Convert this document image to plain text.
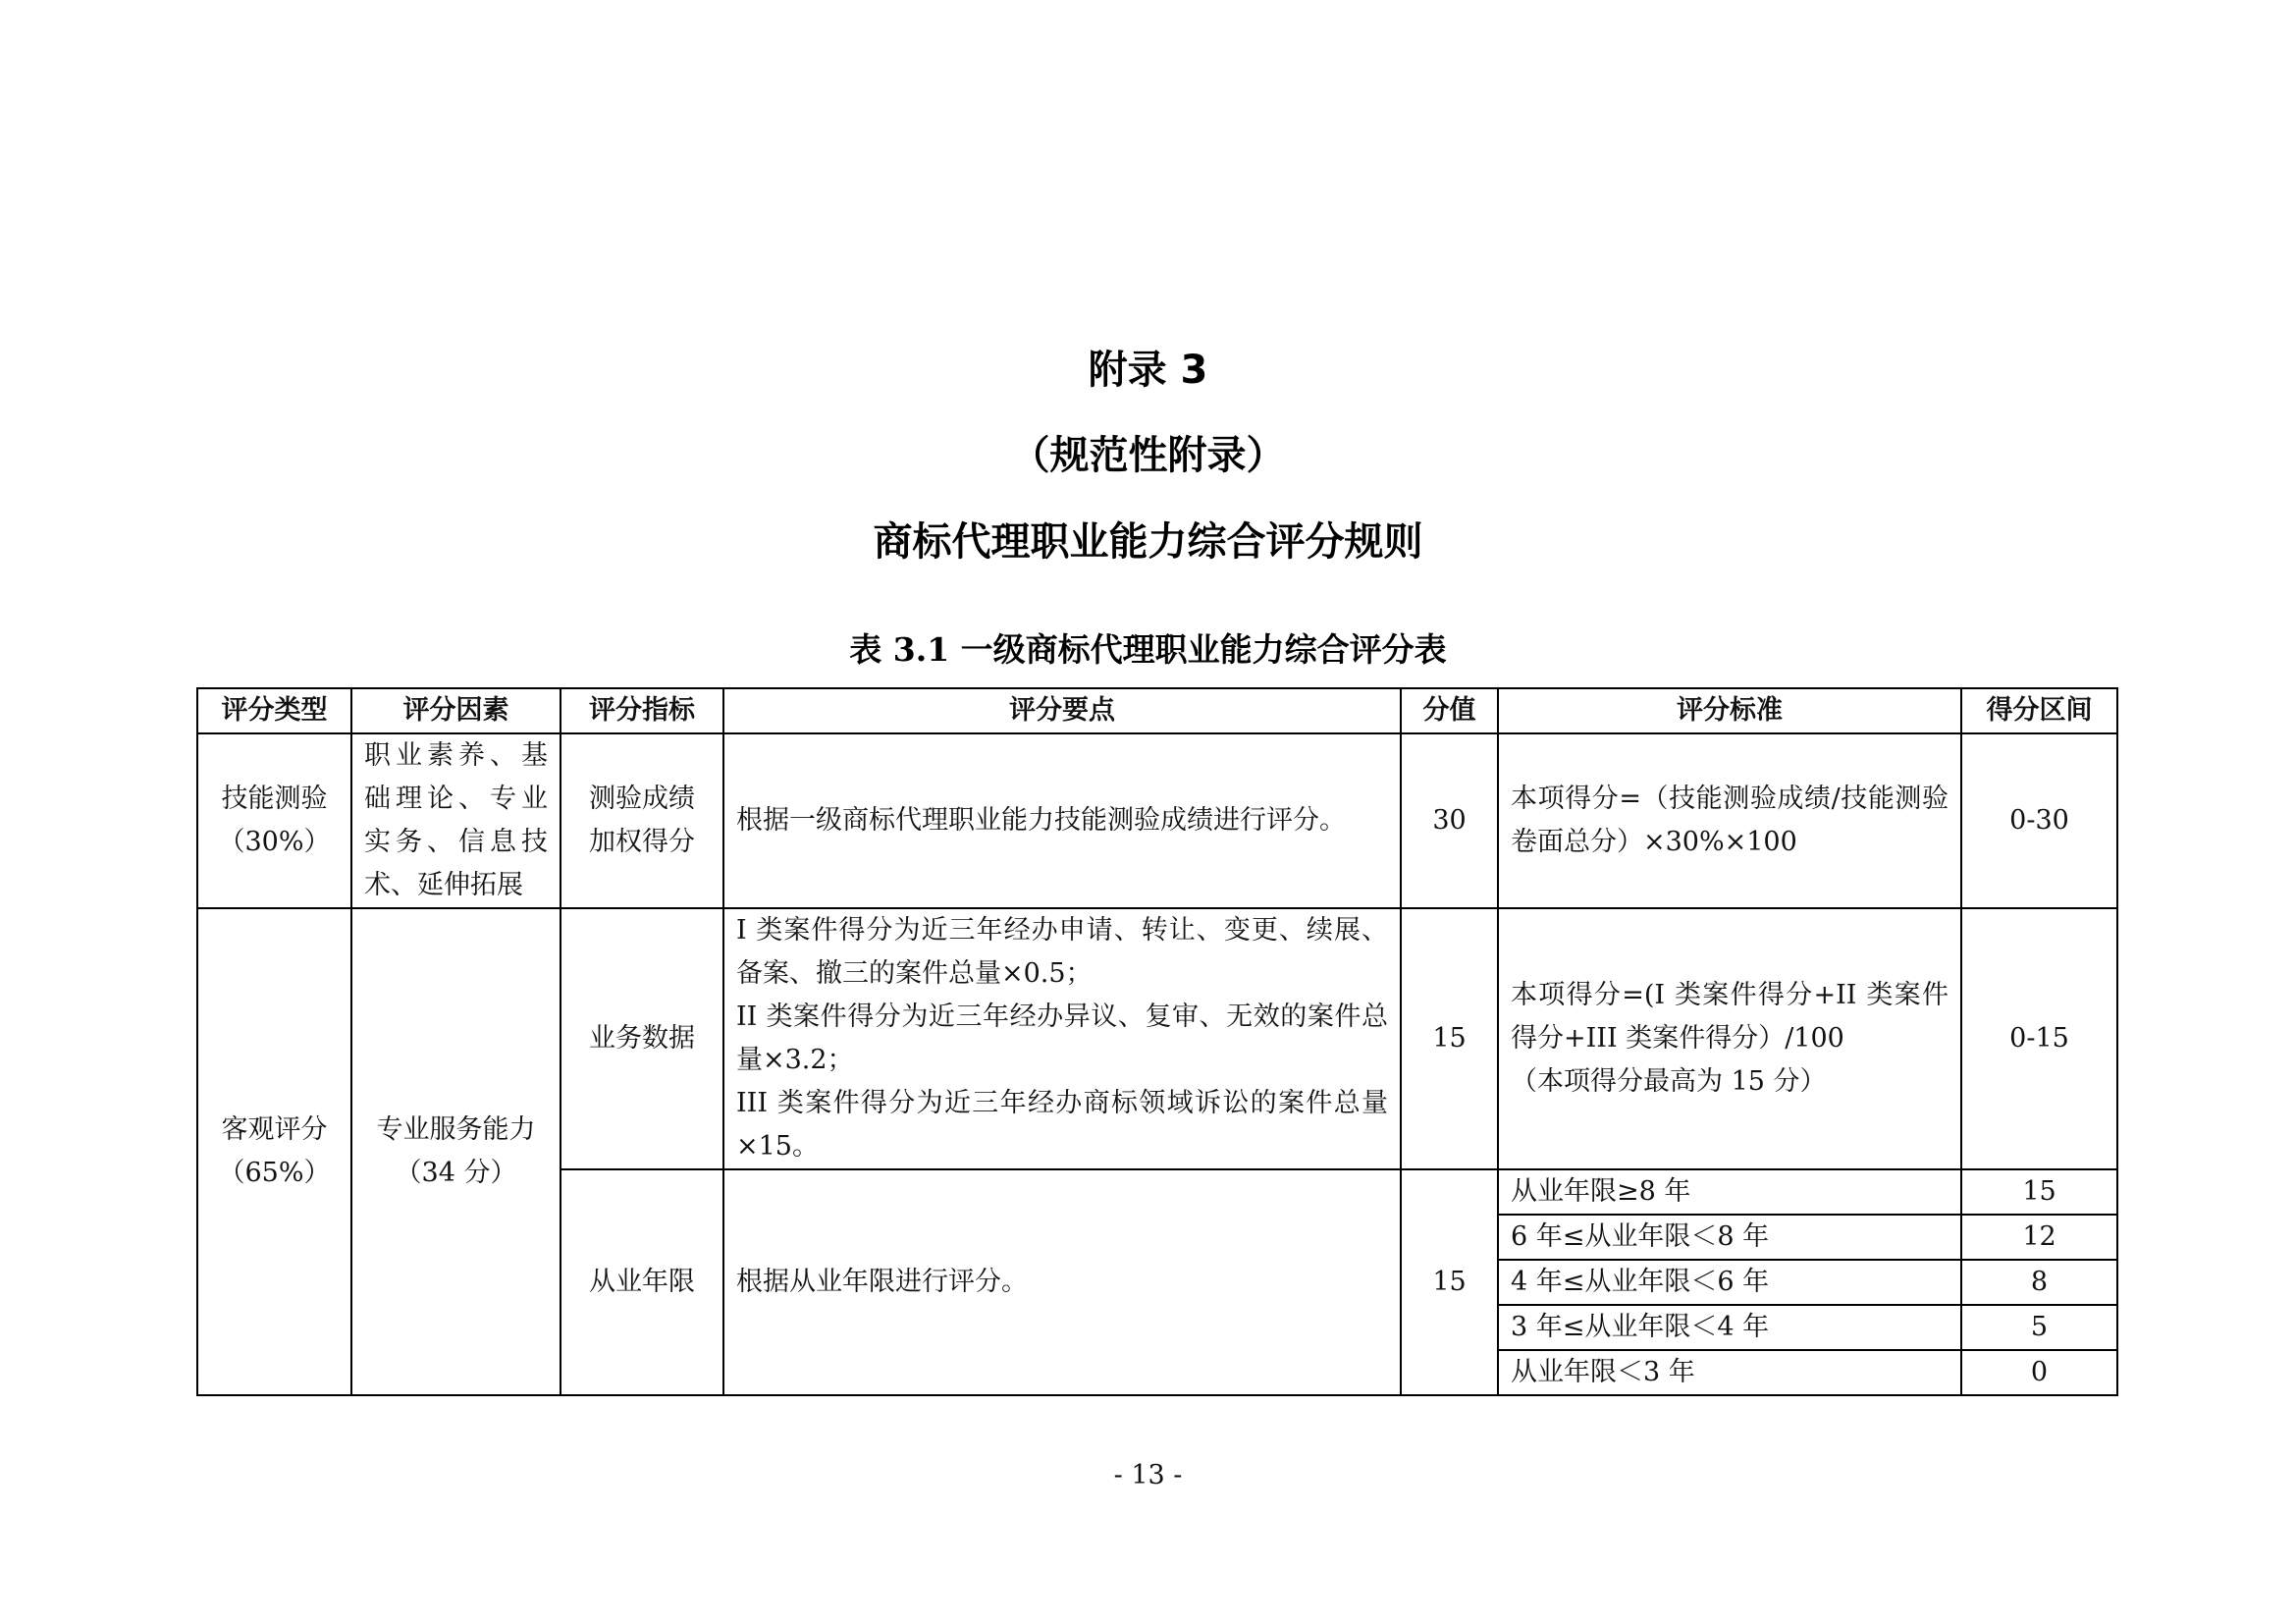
附录 3
（规范性附录）
商标代理职业能力综合评分规则
表 3.1 一级商标代理职业能力综合评分表
评分类型	评分因素	评分指标	评分要点	分值	评分标准	得分区间

技能测验
（30%）	职业素养、基础理论、专业实务、信息技术、延伸拓展	测验成绩加权得分	根据一级商标代理职业能力技能测验成绩进行评分。	30	本项得分=（技能测验成绩/技能测验卷面总分）×30%×100	0-30

客观评分
（65%）	专业服务能力
（34 分）	业务数据	I 类案件得分为近三年经办申请、转让、变更、续展、备案、撤三的案件总量×0.5；
II 类案件得分为近三年经办异议、复审、无效的案件总量×3.2；
III 类案件得分为近三年经办商标领域诉讼的案件总量×15。	15	本项得分=(I 类案件得分+II 类案件得分+III 类案件得分）/100
（本项得分最高为 15 分）	0-15
		从业年限	根据从业年限进行评分。	15	从业年限≥8 年	15
					6 年≤从业年限＜8 年	12
					4 年≤从业年限＜6 年	8
					3 年≤从业年限＜4 年	5
					从业年限＜3 年	0
- 13 -
